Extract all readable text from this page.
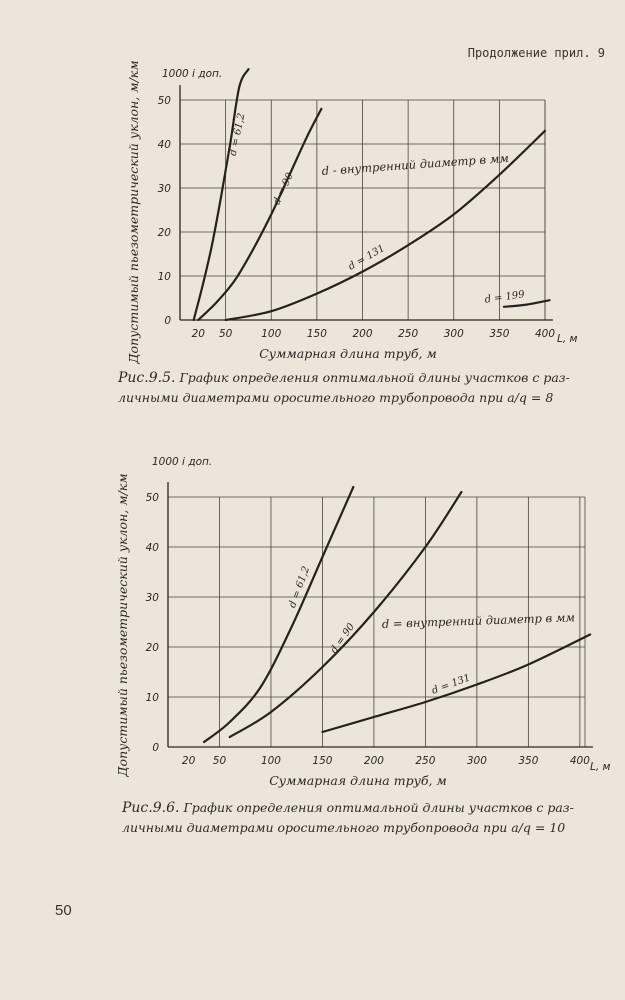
Продолжение прил. 9
20 50	100 150 200 250 300 350 400
0
10
20
30
40
50
1000 i доп.
L, м
Суммарная длина труб, м
Допустимый пьезометрический уклон, м/км	d = 61,2
d = 90
d = 131
d = 199
d - внутренний диаметр в мм
Рис.9.5. График определения оптимальной длины участков с раз-
личными диаметрами оросительного трубопровода при а/q = 8
20 50	100	150	200	250	300	350	400
0
10
20
30
40
50
1000 i доп.
L, м
Суммарная длина труб, м
Допустимый пьезометрический уклон, м/км	d = 61,2
d = 90
d = 131
d = внутренний диаметр в мм
Рис.9.6. График определения оптимальной длины участков с раз-
личными диаметрами оросительного трубопровода при а/q = 10
50
